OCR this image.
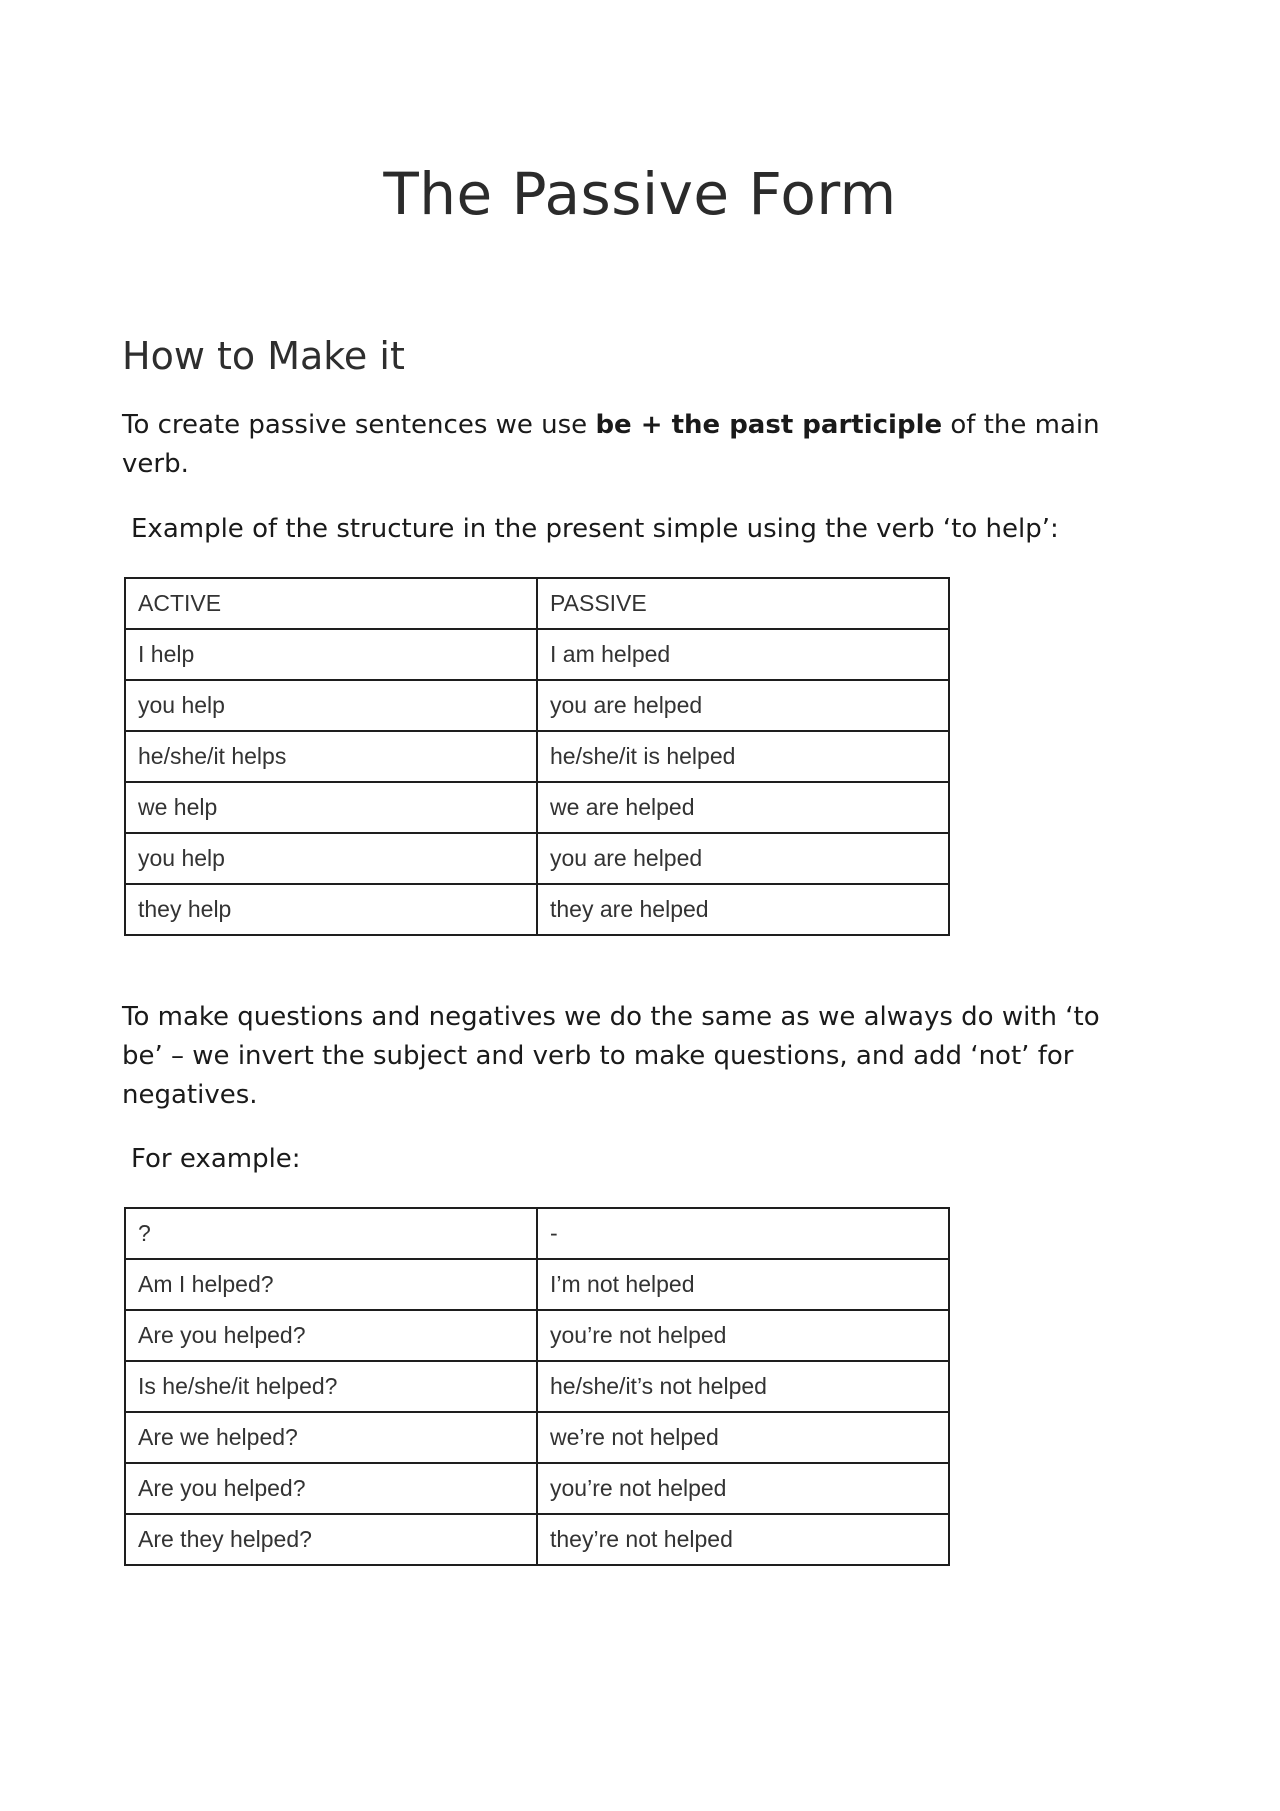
The Passive Form
How to Make it

To create passive sentences we use be + the past participle of the main verb.

Example of the structure in the present simple using the verb ‘to help’:

ACTIVE	PASSIVE
I help	I am helped
you help	you are helped
he/she/it helps	he/she/it is helped
we help	we are helped
you help	you are helped
they help	they are helped

To make questions and negatives we do the same as we always do with ‘to be’ – we invert the subject and verb to make questions, and add ‘not’ for negatives.

For example:

?	-
Am I helped?	I’m not helped
Are you helped?	you’re not helped
Is he/she/it helped?	he/she/it’s not helped
Are we helped?	we’re not helped
Are you helped?	you’re not helped
Are they helped?	they’re not helped
